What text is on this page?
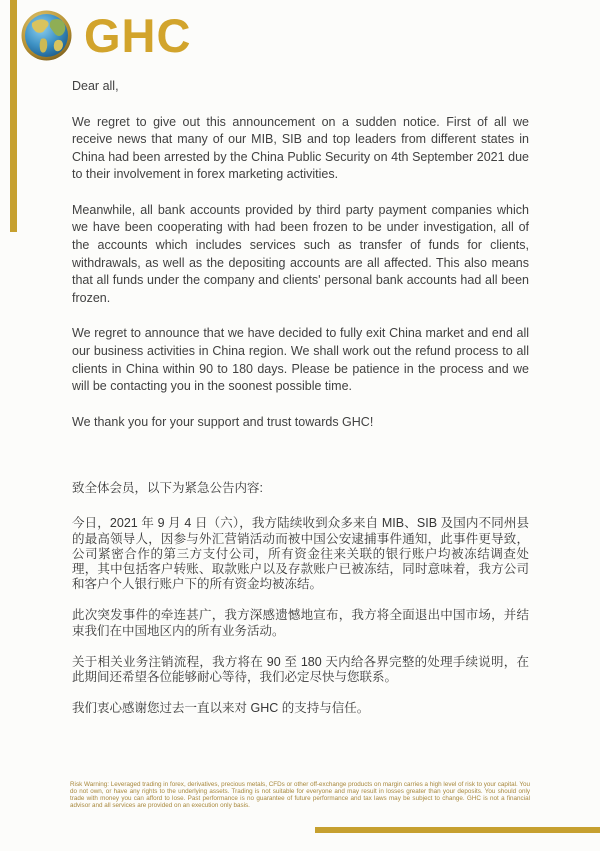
GHC

Dear all,

We regret to give out this announcement on a sudden notice. First of all we receive news that many of our MIB, SIB and top leaders from different states in China had been arrested by the China Public Security on 4th September 2021 due to their involvement in forex marketing activities.

Meanwhile, all bank accounts provided by third party payment companies which we have been cooperating with had been frozen to be under investigation, all of the accounts which includes services such as transfer of funds for clients, withdrawals, as well as the depositing accounts are all affected. This also means that all funds under the company and clients' personal bank accounts had all been frozen.

We regret to announce that we have decided to fully exit China market and end all our business activities in China region. We shall work out the refund process to all clients in China within 90 to 180 days. Please be patience in the process and we will be contacting you in the soonest possible time.

We thank you for your support and trust towards GHC!

致全体会员，以下为紧急公告内容:

今日，2021 年 9 月 4 日（六），我方陆续收到众多来自 MIB、SIB 及国内不同州县的最高领导人，因参与外汇营销活动而被中国公安逮捕事件通知，此事件更导致，公司紧密合作的第三方支付公司，所有资金往来关联的银行账户均被冻结调查处理，其中包括客户转账、取款账户以及存款账户已被冻结，同时意味着，我方公司和客户个人银行账户下的所有资金均被冻结。

此次突发事件的牵连甚广，我方深感遗憾地宣布，我方将全面退出中国市场，并结束我们在中国地区内的所有业务活动。

关于相关业务注销流程，我方将在 90 至 180 天内给各界完整的处理手续说明，在此期间还希望各位能够耐心等待，我们必定尽快与您联系。

我们衷心感谢您过去一直以来对 GHC 的支持与信任。

Risk Warning: Leveraged trading in forex, derivatives, precious metals, CFDs or other off-exchange products on margin carries a high level of risk to your capital. You do not own, or have any rights to the underlying assets. Trading is not suitable for everyone and may result in losses greater than your deposits. You should only trade with money you can afford to lose. Past performance is no guarantee of future performance and tax laws may be subject to change. GHC is not a financial advisor and all services are provided on an execution only basis.
